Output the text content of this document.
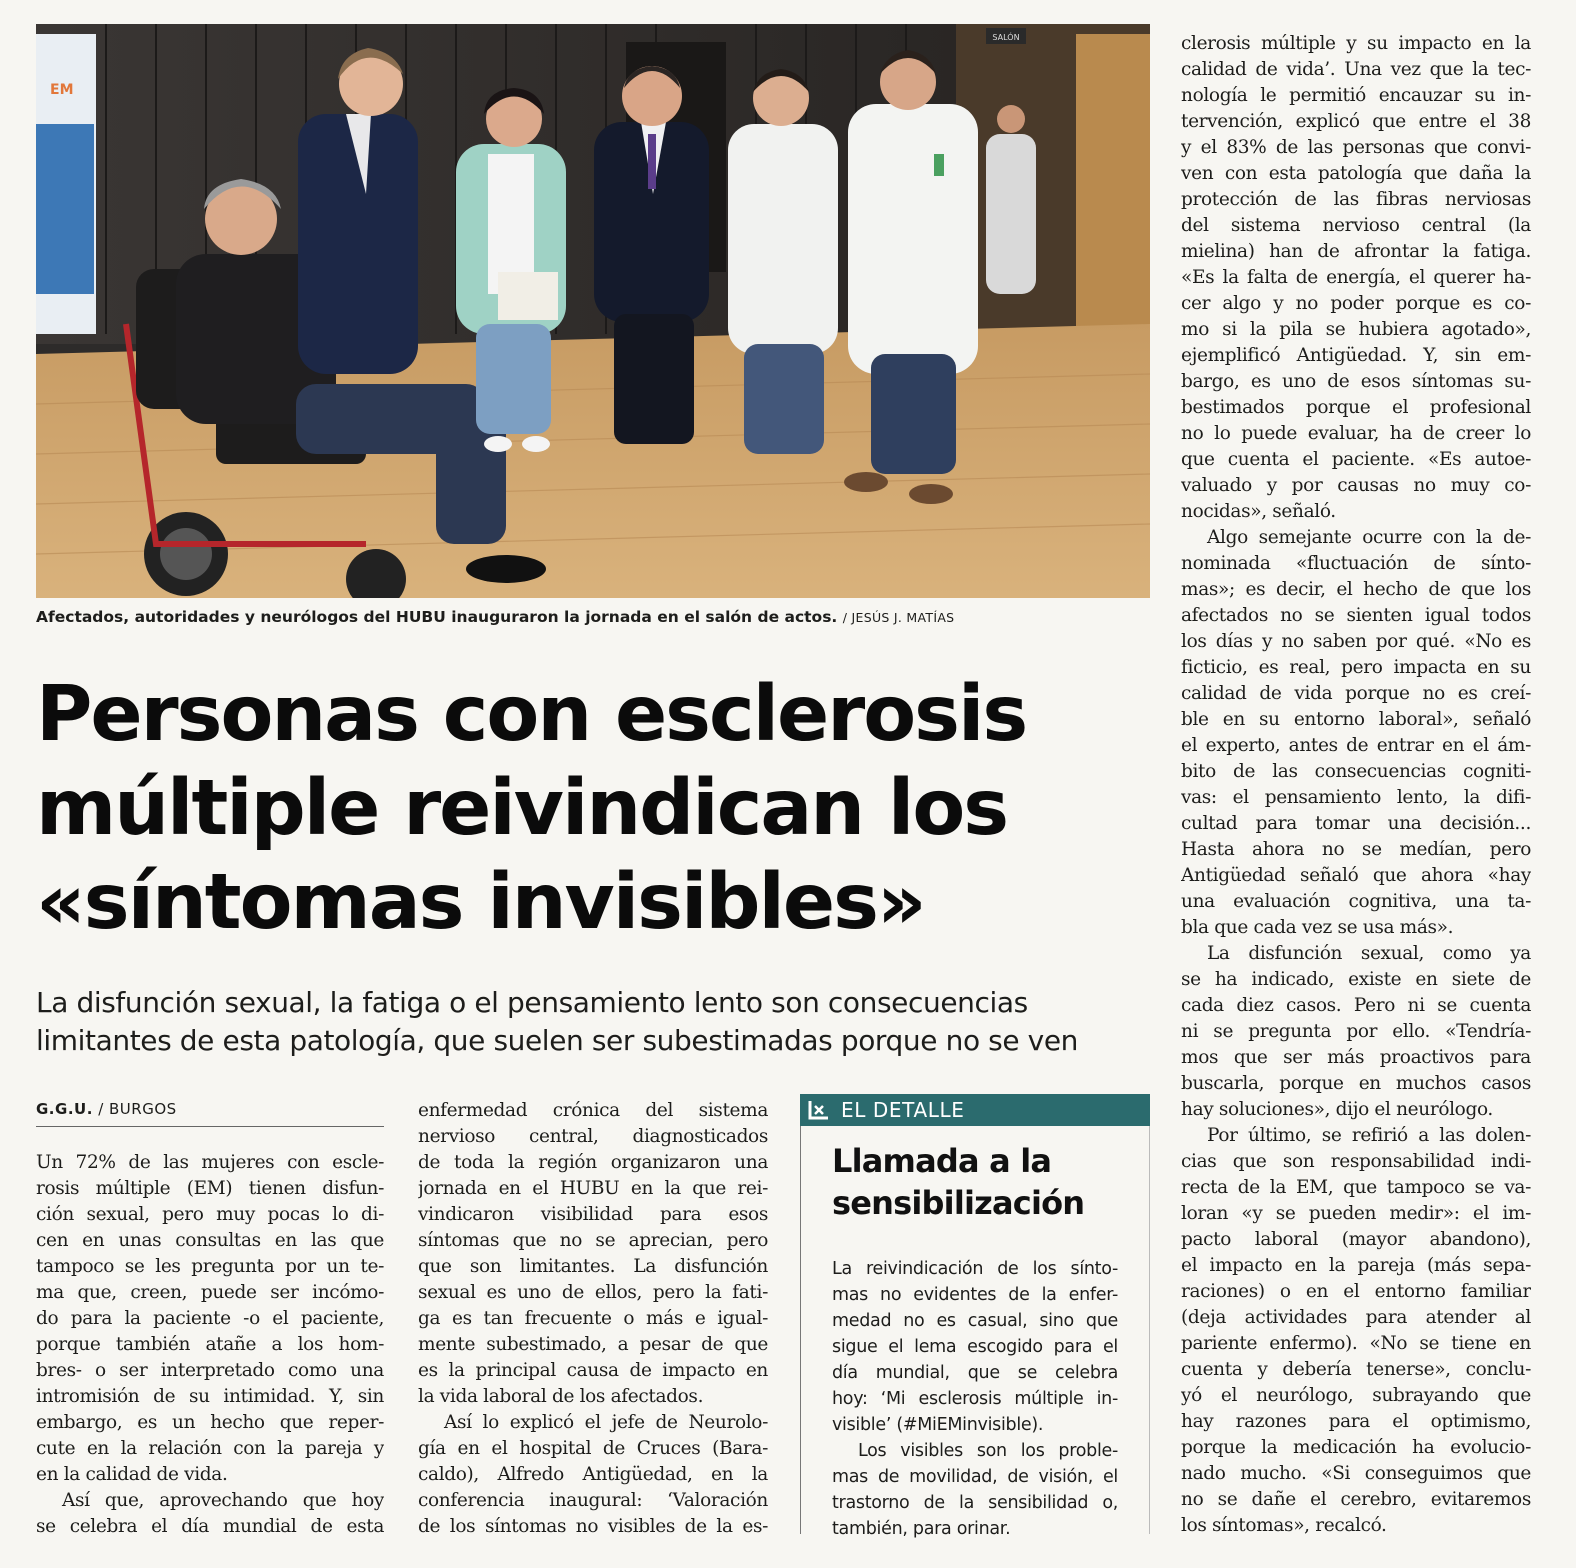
SALÓN
EM
Afectados, autoridades y neurólogos del HUBU inauguraron la jornada en el salón de actos. / JESÚS J. MATÍAS
Personas con esclerosis
múltiple reivindican los
«síntomas invisibles»
La disfunción sexual, la fatiga o el pensamiento lento son consecuencias
limitantes de esta patología, que suelen ser subestimadas porque no se ven
G.G.U. / BURGOS
Un 72% de las mujeres con escle-
rosis múltiple (EM) tienen disfun-
ción sexual, pero muy pocas lo di-
cen en unas consultas en las que
tampoco se les pregunta por un te-
ma que, creen, puede ser incómo-
do para la paciente -o el paciente,
porque también atañe a los hom-
bres- o ser interpretado como una
intromisión de su intimidad. Y, sin
embargo, es un hecho que reper-
cute en la relación con la pareja y
en la calidad de vida.
Así que, aprovechando que hoy
se celebra el día mundial de esta
enfermedad crónica del sistema
nervioso central, diagnosticados
de toda la región organizaron una
jornada en el HUBU en la que rei-
vindicaron visibilidad para esos
síntomas que no se aprecian, pero
que son limitantes. La disfunción
sexual es uno de ellos, pero la fati-
ga es tan frecuente o más e igual-
mente subestimado, a pesar de que
es la principal causa de impacto en
la vida laboral de los afectados.
Así lo explicó el jefe de Neurolo-
gía en el hospital de Cruces (Bara-
caldo), Alfredo Antigüedad, en la
conferencia inaugural: ‘Valoración
de los síntomas no visibles de la es-
EL DETALLE
Llamada a la
sensibilización
La reivindicación de los sínto-
mas no evidentes de la enfer-
medad no es casual, sino que
sigue el lema escogido para el
día mundial, que se celebra
hoy: ‘Mi esclerosis múltiple in-
visible’ (#MiEMinvisible).
Los visibles son los proble-
mas de movilidad, de visión, el
trastorno de la sensibilidad o,
también, para orinar.
clerosis múltiple y su impacto en la
calidad de vida’. Una vez que la tec-
nología le permitió encauzar su in-
tervención, explicó que entre el 38
y el 83% de las personas que convi-
ven con esta patología que daña la
protección de las fibras nerviosas
del sistema nervioso central (la
mielina) han de afrontar la fatiga.
«Es la falta de energía, el querer ha-
cer algo y no poder porque es co-
mo si la pila se hubiera agotado»,
ejemplificó Antigüedad. Y, sin em-
bargo, es uno de esos síntomas su-
bestimados porque el profesional
no lo puede evaluar, ha de creer lo
que cuenta el paciente. «Es autoe-
valuado y por causas no muy co-
nocidas», señaló.
Algo semejante ocurre con la de-
nominada «fluctuación de sínto-
mas»; es decir, el hecho de que los
afectados no se sienten igual todos
los días y no saben por qué. «No es
ficticio, es real, pero impacta en su
calidad de vida porque no es creí-
ble en su entorno laboral», señaló
el experto, antes de entrar en el ám-
bito de las consecuencias cogniti-
vas: el pensamiento lento, la difi-
cultad para tomar una decisión...
Hasta ahora no se medían, pero
Antigüedad señaló que ahora «hay
una evaluación cognitiva, una ta-
bla que cada vez se usa más».
La disfunción sexual, como ya
se ha indicado, existe en siete de
cada diez casos. Pero ni se cuenta
ni se pregunta por ello. «Tendría-
mos que ser más proactivos para
buscarla, porque en muchos casos
hay soluciones», dijo el neurólogo.
Por último, se refirió a las dolen-
cias que son responsabilidad indi-
recta de la EM, que tampoco se va-
loran «y se pueden medir»: el im-
pacto laboral (mayor abandono),
el impacto en la pareja (más sepa-
raciones) o en el entorno familiar
(deja actividades para atender al
pariente enfermo). «No se tiene en
cuenta y debería tenerse», conclu-
yó el neurólogo, subrayando que
hay razones para el optimismo,
porque la medicación ha evolucio-
nado mucho. «Si conseguimos que
no se dañe el cerebro, evitaremos
los síntomas», recalcó.
